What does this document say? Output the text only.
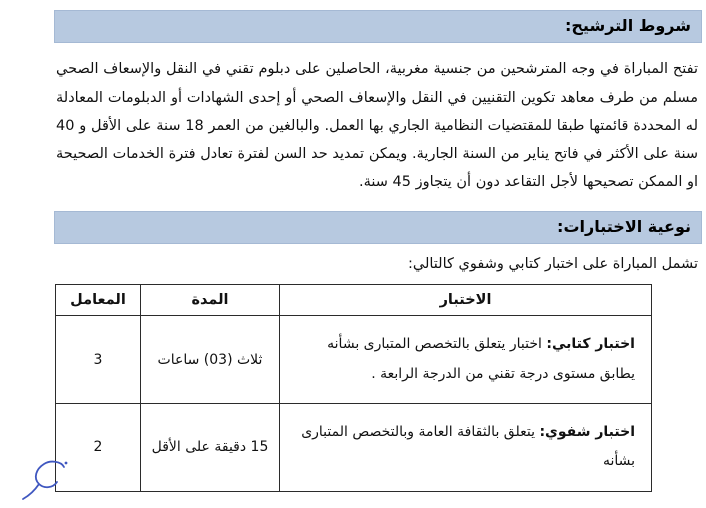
شروط الترشيح:

تفتح المباراة في وجه المترشحين من جنسية مغربية، الحاصلين على دبلوم تقني في النقل والإسعاف الصحي مسلم من طرف معاهد تكوين التقنيين في النقل والإسعاف الصحي أو إحدى الشهادات أو الدبلومات المعادلة له المحددة قائمتها طبقا للمقتضيات النظامية الجاري بها العمل. والبالغين من العمر 18 سنة على الأقل و 40 سنة على الأكثر في فاتح يناير من السنة الجارية. ويمكن تمديد حد السن لفترة تعادل فترة الخدمات الصحيحة او الممكن تصحيحها لأجل التقاعد دون أن يتجاوز 45 سنة.

نوعية الاختبارات:

تشمل المباراة على اختبار كتابي وشفوي كالتالي:

الاختبار	المدة	المعامل
اختبار كتابي: اختبار يتعلق بالتخصص المتبارى بشأنه يطابق مستوى درجة تقني من الدرجة الرابعة .	ثلاث (03) ساعات	3
اختبار شفوي: يتعلق بالثقافة العامة وبالتخصص المتبارى بشأنه	15 دقيقة على الأقل	2
